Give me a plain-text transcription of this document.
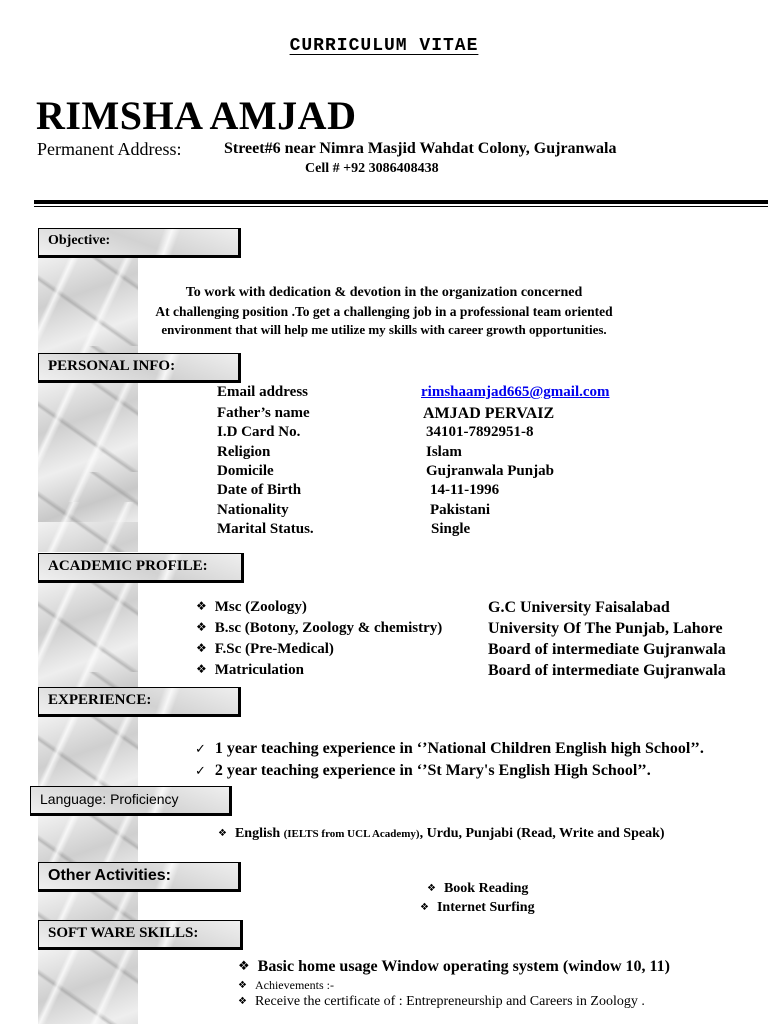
CURRICULUM VITAE
RIMSHA AMJAD
Permanent Address:	Street#6 near Nimra Masjid Wahdat Colony, Gujranwala
Cell # +92 3086408438
Objective:
To work with dedication & devotion in the organization concerned
At challenging position .To get a challenging job in a professional team oriented
environment that will help me utilize my skills with career growth opportunities.
PERSONAL INFO:
Email address	rimshaamjad665@gmail.com
Father’s name	AMJAD PERVAIZ
I.D Card No.	34101-7892951-8
Religion	Islam
Domicile	Gujranwala Punjab
Date of Birth	14-11-1996
Nationality	Pakistani
Marital Status.	Single
ACADEMIC PROFILE:
❖ Msc (Zoology)	G.C University Faisalabad
❖ B.sc (Botony, Zoology & chemistry)	University Of The Punjab, Lahore
❖ F.Sc (Pre-Medical)	Board of intermediate Gujranwala
❖ Matriculation	Board of intermediate Gujranwala
EXPERIENCE:
✓ 1 year teaching experience in ‘’National Children English high School’’.
✓ 2 year teaching experience in ‘’St Mary's English High School’’.
Language: Proficiency
❖ English (IELTS from UCL Academy), Urdu, Punjabi (Read, Write and Speak)
Other Activities:
❖ Book Reading
❖ Internet Surfing
SOFT WARE SKILLS:
❖ Basic home usage Window operating system (window 10, 11)
❖ Achievements :-
❖ Receive the certificate of : Entrepreneurship and Careers in Zoology .
